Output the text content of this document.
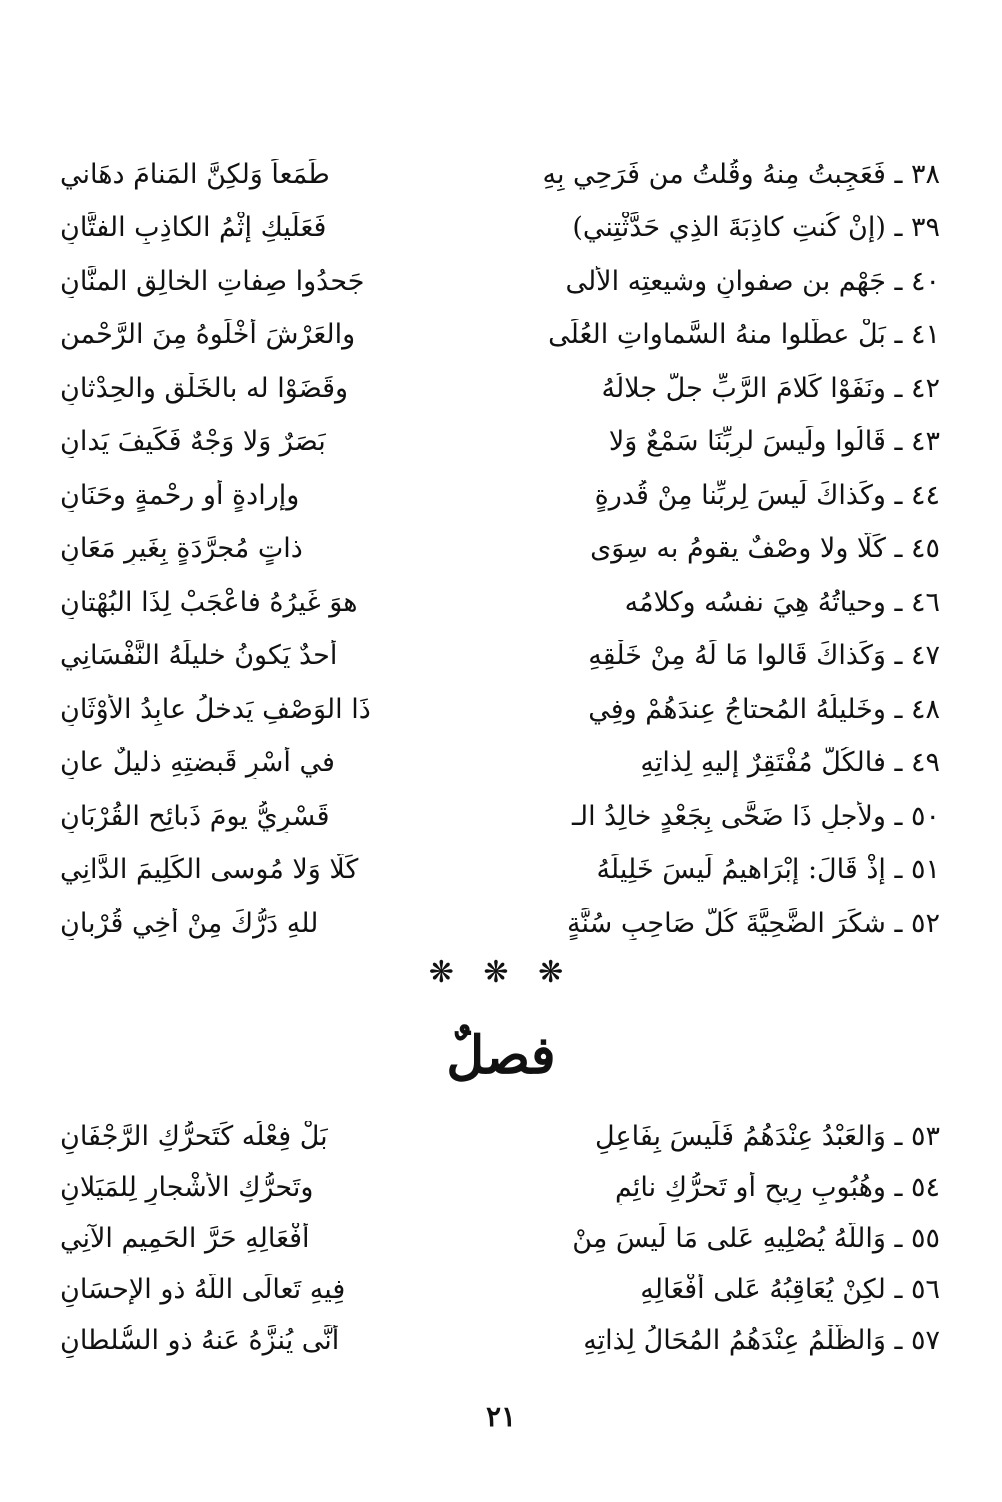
٣٨ ـ فَعَجِبتُ مِنهُ وقُلتُ من فَرَحِي بِهِ
طَمَعاً وَلكِنَّ المَنامَ دهَاني
٣٩ ـ (إنْ كُنتِ كاذِبَةَ الذِي حَدَّثْتِني)
فَعَلَيكِ إثْمُ الكاذِبِ الفتَّانِ
٤٠ ـ جَهْم بنِ صفوانٍ وشيعتِه الألى
جَحدُوا صِفاتِ الخالِقِ المنَّانِ
٤١ ـ بَلْ عطَّلوا منهُ السَّماواتِ العُلَى
والعَرْشَ أَخْلَوهُ مِنَ الرَّحْمنِ
٤٢ ـ ونَفَوْا كَلامَ الرَّبِّ جلَّ جلالُهُ
وقَضَوْا له بالخَلْقِ والحِدْثانِ
٤٣ ـ قَالُوا ولَيسَ لرِبِّنَا سَمْعٌ وَلا
بَصَرٌ وَلا وَجْهٌ فَكَيفَ يَدانِ
٤٤ ـ وكَذاكَ لَيسَ لِربِّنا مِنْ قُدرةٍ
وإرادةٍ أو رحْمةٍ وحَنَانِ
٤٥ ـ كَلَّا ولا وصْفٌ يقومُ به سِوَى
ذاتٍ مُجرَّدَةٍ بِغَيرِ مَعَانِ
٤٦ ـ وحياتُهُ هِيَ نفسُه وكلامُه
هوَ غَيرُهُ فاعْجَبْ لِذَا البُهْتانِ
٤٧ ـ وَكَذاكَ قَالوا مَا لَهُ مِنْ خَلْقِهِ
أحدٌ يَكونُ خليلَهُ النَّفْسَانِي
٤٨ ـ وخَليلُهُ المُحتاجُ عِندَهُمْ وفِي
ذَا الوَصْفِ يَدخلُ عابِدُ الأوْثَانِ
٤٩ ـ فالكُلُّ مُفْتَقِرٌ إليهِ لِذاتِهِ
في أَسْرِ قَبضتِهِ ذليلٌ عانِ
٥٠ ـ ولأجلِ ذَا ضَحَّى بِجَعْدٍ خالِدُ الـ
قَسْرِيُّ يومَ ذَبائِحِ القُرْبَانِ
٥١ ـ إذْ قَالَ: إبْرَاهيمُ لَيسَ خَلِيلَهُ
كَلَّا وَلا مُوسى الكَلِيمَ الدَّانِي
٥٢ ـ شكَرَ الضَّحِيَّةَ كُلُّ صَاحِبِ سُنَّةٍ
للهِ دَرُّكَ مِنْ أخِي قُرْبانِ
❋ ❋ ❋
فصلٌ
٥٣ ـ وَالعَبْدُ عِنْدَهُمُ فَلَيسَ بِفَاعِلٍ
بَلْ فِعْلُه كَتَحرُّكِ الرَّجْفَانِ
٥٤ ـ وهُبُوبِ رِيحٍ أو تَحرُّكِ نائِمٍ
وتَحرُّكِ الأشْجارِ لِلمَيَلانِ
٥٥ ـ وَاللّهُ يُصْلِيهِ عَلى مَا لَيسَ مِنْ
أفْعَالِهِ حَرَّ الحَمِيمِ الآنِي
٥٦ ـ لكِنْ يُعَاقِبُهُ عَلى أفْعَالِهِ
فِيهِ تَعالَى اللّهُ ذو الإحسَانِ
٥٧ ـ وَالظُّلْمُ عِنْدَهُمُ المُحَالُ لِذاتِهِ
أنَّى يُنزَّهُ عَنهُ ذو السُّلطانِ
٢١
